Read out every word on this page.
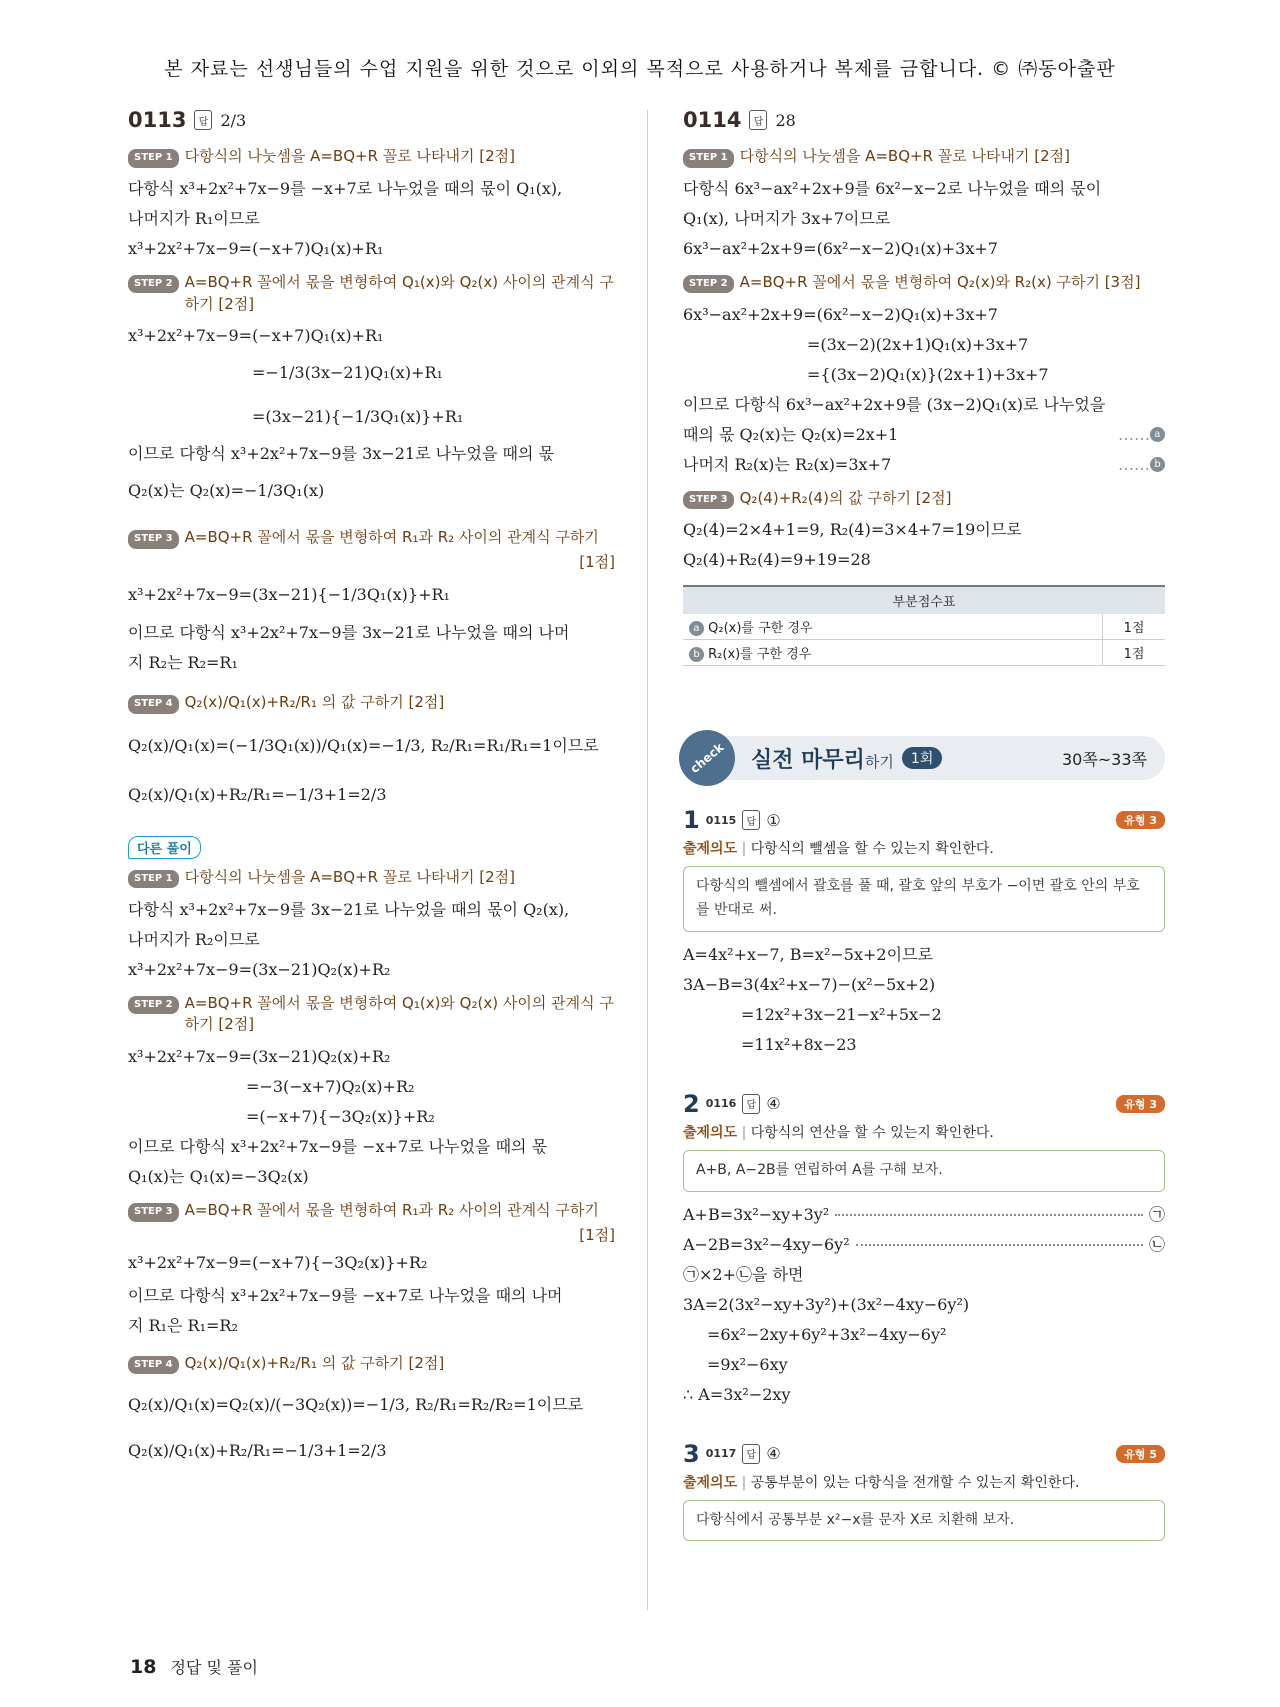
본 자료는 선생님들의 수업 지원을 위한 것으로 이외의 목적으로 사용하거나 복제를 금합니다. © ㈜동아출판
0113	답 2/3
STEP 1 다항식의 나눗셈을 A=BQ+R 꼴로 나타내기 [2점]
다항식 x³+2x²+7x−9를 −x+7로 나누었을 때의 몫이 Q₁(x),
나머지가 R₁이므로
x³+2x²+7x−9=(−x+7)Q₁(x)+R₁
STEP 2 A=BQ+R 꼴에서 몫을 변형하여 Q₁(x)와 Q₂(x) 사이의 관계식 구하기 [2점]
x³+2x²+7x−9=(−x+7)Q₁(x)+R₁
=−1/3(3x−21)Q₁(x)+R₁
=(3x−21){−1/3Q₁(x)}+R₁
이므로 다항식 x³+2x²+7x−9를 3x−21로 나누었을 때의 몫
Q₂(x)는 Q₂(x)=−1/3Q₁(x)
STEP 3 A=BQ+R 꼴에서 몫을 변형하여 R₁과 R₂ 사이의 관계식 구하기
[1점]
x³+2x²+7x−9=(3x−21){−1/3Q₁(x)}+R₁
이므로 다항식 x³+2x²+7x−9를 3x−21로 나누었을 때의 나머
지 R₂는 R₂=R₁
STEP 4 Q₂(x)/Q₁(x)+R₂/R₁ 의 값 구하기 [2점]
Q₂(x)/Q₁(x)=(−1/3Q₁(x))/Q₁(x)=−1/3, R₂/R₁=R₁/R₁=1이므로
Q₂(x)/Q₁(x)+R₂/R₁=−1/3+1=2/3
다른 풀이
STEP 1 다항식의 나눗셈을 A=BQ+R 꼴로 나타내기 [2점]
다항식 x³+2x²+7x−9를 3x−21로 나누었을 때의 몫이 Q₂(x),
나머지가 R₂이므로
x³+2x²+7x−9=(3x−21)Q₂(x)+R₂
STEP 2 A=BQ+R 꼴에서 몫을 변형하여 Q₁(x)와 Q₂(x) 사이의 관계식 구하기 [2점]
x³+2x²+7x−9=(3x−21)Q₂(x)+R₂
=−3(−x+7)Q₂(x)+R₂
=(−x+7){−3Q₂(x)}+R₂
이므로 다항식 x³+2x²+7x−9를 −x+7로 나누었을 때의 몫
Q₁(x)는 Q₁(x)=−3Q₂(x)
STEP 3 A=BQ+R 꼴에서 몫을 변형하여 R₁과 R₂ 사이의 관계식 구하기
[1점]
x³+2x²+7x−9=(−x+7){−3Q₂(x)}+R₂
이므로 다항식 x³+2x²+7x−9를 −x+7로 나누었을 때의 나머
지 R₁은 R₁=R₂
STEP 4 Q₂(x)/Q₁(x)+R₂/R₁ 의 값 구하기 [2점]
Q₂(x)/Q₁(x)=Q₂(x)/(−3Q₂(x))=−1/3, R₂/R₁=R₂/R₂=1이므로
Q₂(x)/Q₁(x)+R₂/R₁=−1/3+1=2/3
0114	답 28
STEP 1 다항식의 나눗셈을 A=BQ+R 꼴로 나타내기 [2점]
다항식 6x³−ax²+2x+9를 6x²−x−2로 나누었을 때의 몫이
Q₁(x), 나머지가 3x+7이므로
6x³−ax²+2x+9=(6x²−x−2)Q₁(x)+3x+7
STEP 2 A=BQ+R 꼴에서 몫을 변형하여 Q₂(x)와 R₂(x) 구하기 [3점]
6x³−ax²+2x+9=(6x²−x−2)Q₁(x)+3x+7
=(3x−2)(2x+1)Q₁(x)+3x+7
={(3x−2)Q₁(x)}(2x+1)+3x+7
이므로 다항식 6x³−ax²+2x+9를 (3x−2)Q₁(x)로 나누었을
때의 몫 Q₂(x)는 Q₂(x)=2x+1	…… a
나머지 R₂(x)는 R₂(x)=3x+7	…… b
STEP 3 Q₂(4)+R₂(4)의 값 구하기 [2점]
Q₂(4)=2×4+1=9, R₂(4)=3×4+7=19이므로
Q₂(4)+R₂(4)=9+19=28
부분점수표	
a Q₂(x)를 구한 경우	1점
b R₂(x)를 구한 경우	1점
check	실전 마무리하기	1회	30쪽~33쪽
1 0115	답 ①	유형 3
출제의도 | 다항식의 뺄셈을 할 수 있는지 확인한다.
다항식의 뺄셈에서 괄호를 풀 때, 괄호 앞의 부호가 −이면 괄호 안의 부호를 반대로 써.
A=4x²+x−7, B=x²−5x+2이므로
3A−B=3(4x²+x−7)−(x²−5x+2)
=12x²+3x−21−x²+5x−2
=11x²+8x−23
2 0116	답 ④	유형 3
출제의도 | 다항식의 연산을 할 수 있는지 확인한다.
A+B, A−2B를 연립하여 A를 구해 보자.
A+B=3x²−xy+3y²	㉠
A−2B=3x²−4xy−6y²	㉡
㉠×2+㉡을 하면
3A=2(3x²−xy+3y²)+(3x²−4xy−6y²)
=6x²−2xy+6y²+3x²−4xy−6y²
=9x²−6xy
∴ A=3x²−2xy
3 0117	답 ④	유형 5
출제의도 | 공통부분이 있는 다항식을 전개할 수 있는지 확인한다.
다항식에서 공통부분 x²−x를 문자 X로 치환해 보자.
18 정답 및 풀이
